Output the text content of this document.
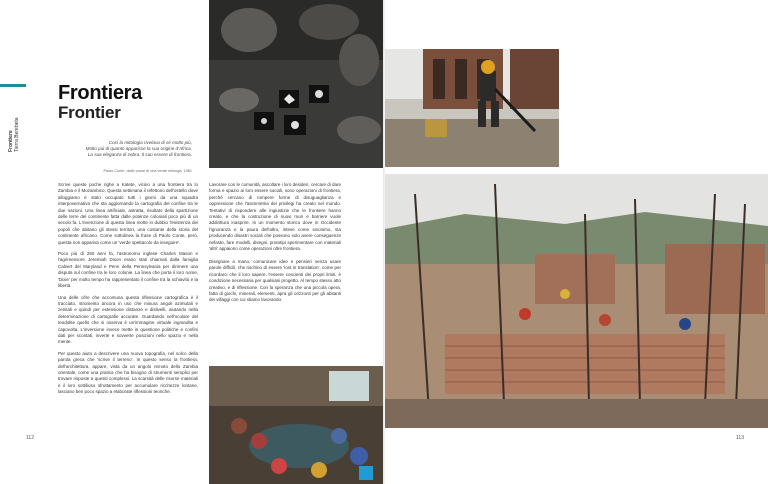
Frontiere Tierra Berebeta
Frontiera
Frontier
Così la mitologia rivelava di sé molto più,
Molto più di quanto apparisse la sua origine d'Africa.
La sua eleganza di zebra. Il suo essere di frontiera.
Paolo Conte, dalle prose di una verde milonga, 1981

Scrive queste poche righe a Katete, vicino a una frontiera tra lo Zambia e il Mozambico. Questa settimana il refettorio dell'ostello dove alloggiamo è stato occupato tutti i giorni da una squadra interpovernativa che sta aggiornando la cartografia del confine tra le due nazioni. Una linea artificiale, astratta, risultato della spartizione delle terre del continente fatta dalle potenze coloniali poco più di un secolo fa. L'invenzione di questa linea mette in dubbio l'esistenza dei popoli che abitano gli stessi territori, una costante della storia del continente africano. Come sottolinea la frase di Paolo Conte, però, questa non appariva come un 'verde spettacolo da inseguire'.

Poco più di 250 anni fa, l'astronomo inglese Charles Mason e l'agrimensore Jeremiah Dixon erano stati chiamati dalla famiglia Calvert del Maryland e Penn della Pennsylvania per dirimere una disputa sul confine tra le loro colonie. La linea che porta il loro nome, 'Dixie' per molto tempo ha rappresentato il confine tra la schiavitù e la libertà.

Una delle cifre che accomuna questa riflessione cartografica è il tracciato, strumento ancora in uso che misura angoli azimutali e zenitali e quindi per estensione distanze e dislivelli, aiutando nella determinazione di cartografie accurate. Guardando nell'oculare del teodolite quello che si osserva è un'immagine virtuale ingrandita e capovolta. L'inversione invece mette in questione politiche e confini dati per scontati, inverte e sovverte posizioni nello spazio e nella mente.

Per questo aiuto a descrivere una nuova topografia, nel solco della parola greca che 'scrive il terreno'. In questo senso la frontiera, dell'architettura, appare, vista da un angolo remoto dello Zambia orientale, come una pratica che ha bisogno di strumenti semplici per trovare risposte a quesiti complessi. La scarsità delle risorse materiali e il loro sottiliuso sfruttamento per accumulare ricchezze lontane, lasciano ben poco spazio a elaborate riflessioni teoriche.

Lavorare con le comunità, ascoltare i loro desideri, cercare di dare forma e spazio ai loro essere sociali, sono operazioni di frontiera, perché cercano di rompere forme di disuguaglianza e oppressione che l'asimmetria dei privilegi ha creato nel mondo. Tentativi di rispondere alle ingiustizie che le frontiere hanno creato, e che la costruzione di nuovi muri e barriere vuole addirittura inasprire. In un momento storico dove in Occidente l'ignoranza e la paura dell'altro, intese come sinonimo, sta producendo disastri sociali che possono solo avere conseguenze nefaste, fare modelli, disegni, prototipi sperimentare con materiali 'altri' appaiono come operazioni oltre frontiera.

Disegnare a mano, comunicare idee e pensieri senza usare parole difficili, che rischino di essere 'lost in translation', come per ricordarci che il loro sapere, l'essere coscienti dei propri limiti, è condizione necessaria per qualsiasi progetto. Al tempo stesso atto creativo, e di riflessione. Con la speranza che una piccola opera, fatta di giochi, minerali, elementi, apra gli orizzonti per gli abitanti dei villaggi con cui stiamo lavorando.

112	113
